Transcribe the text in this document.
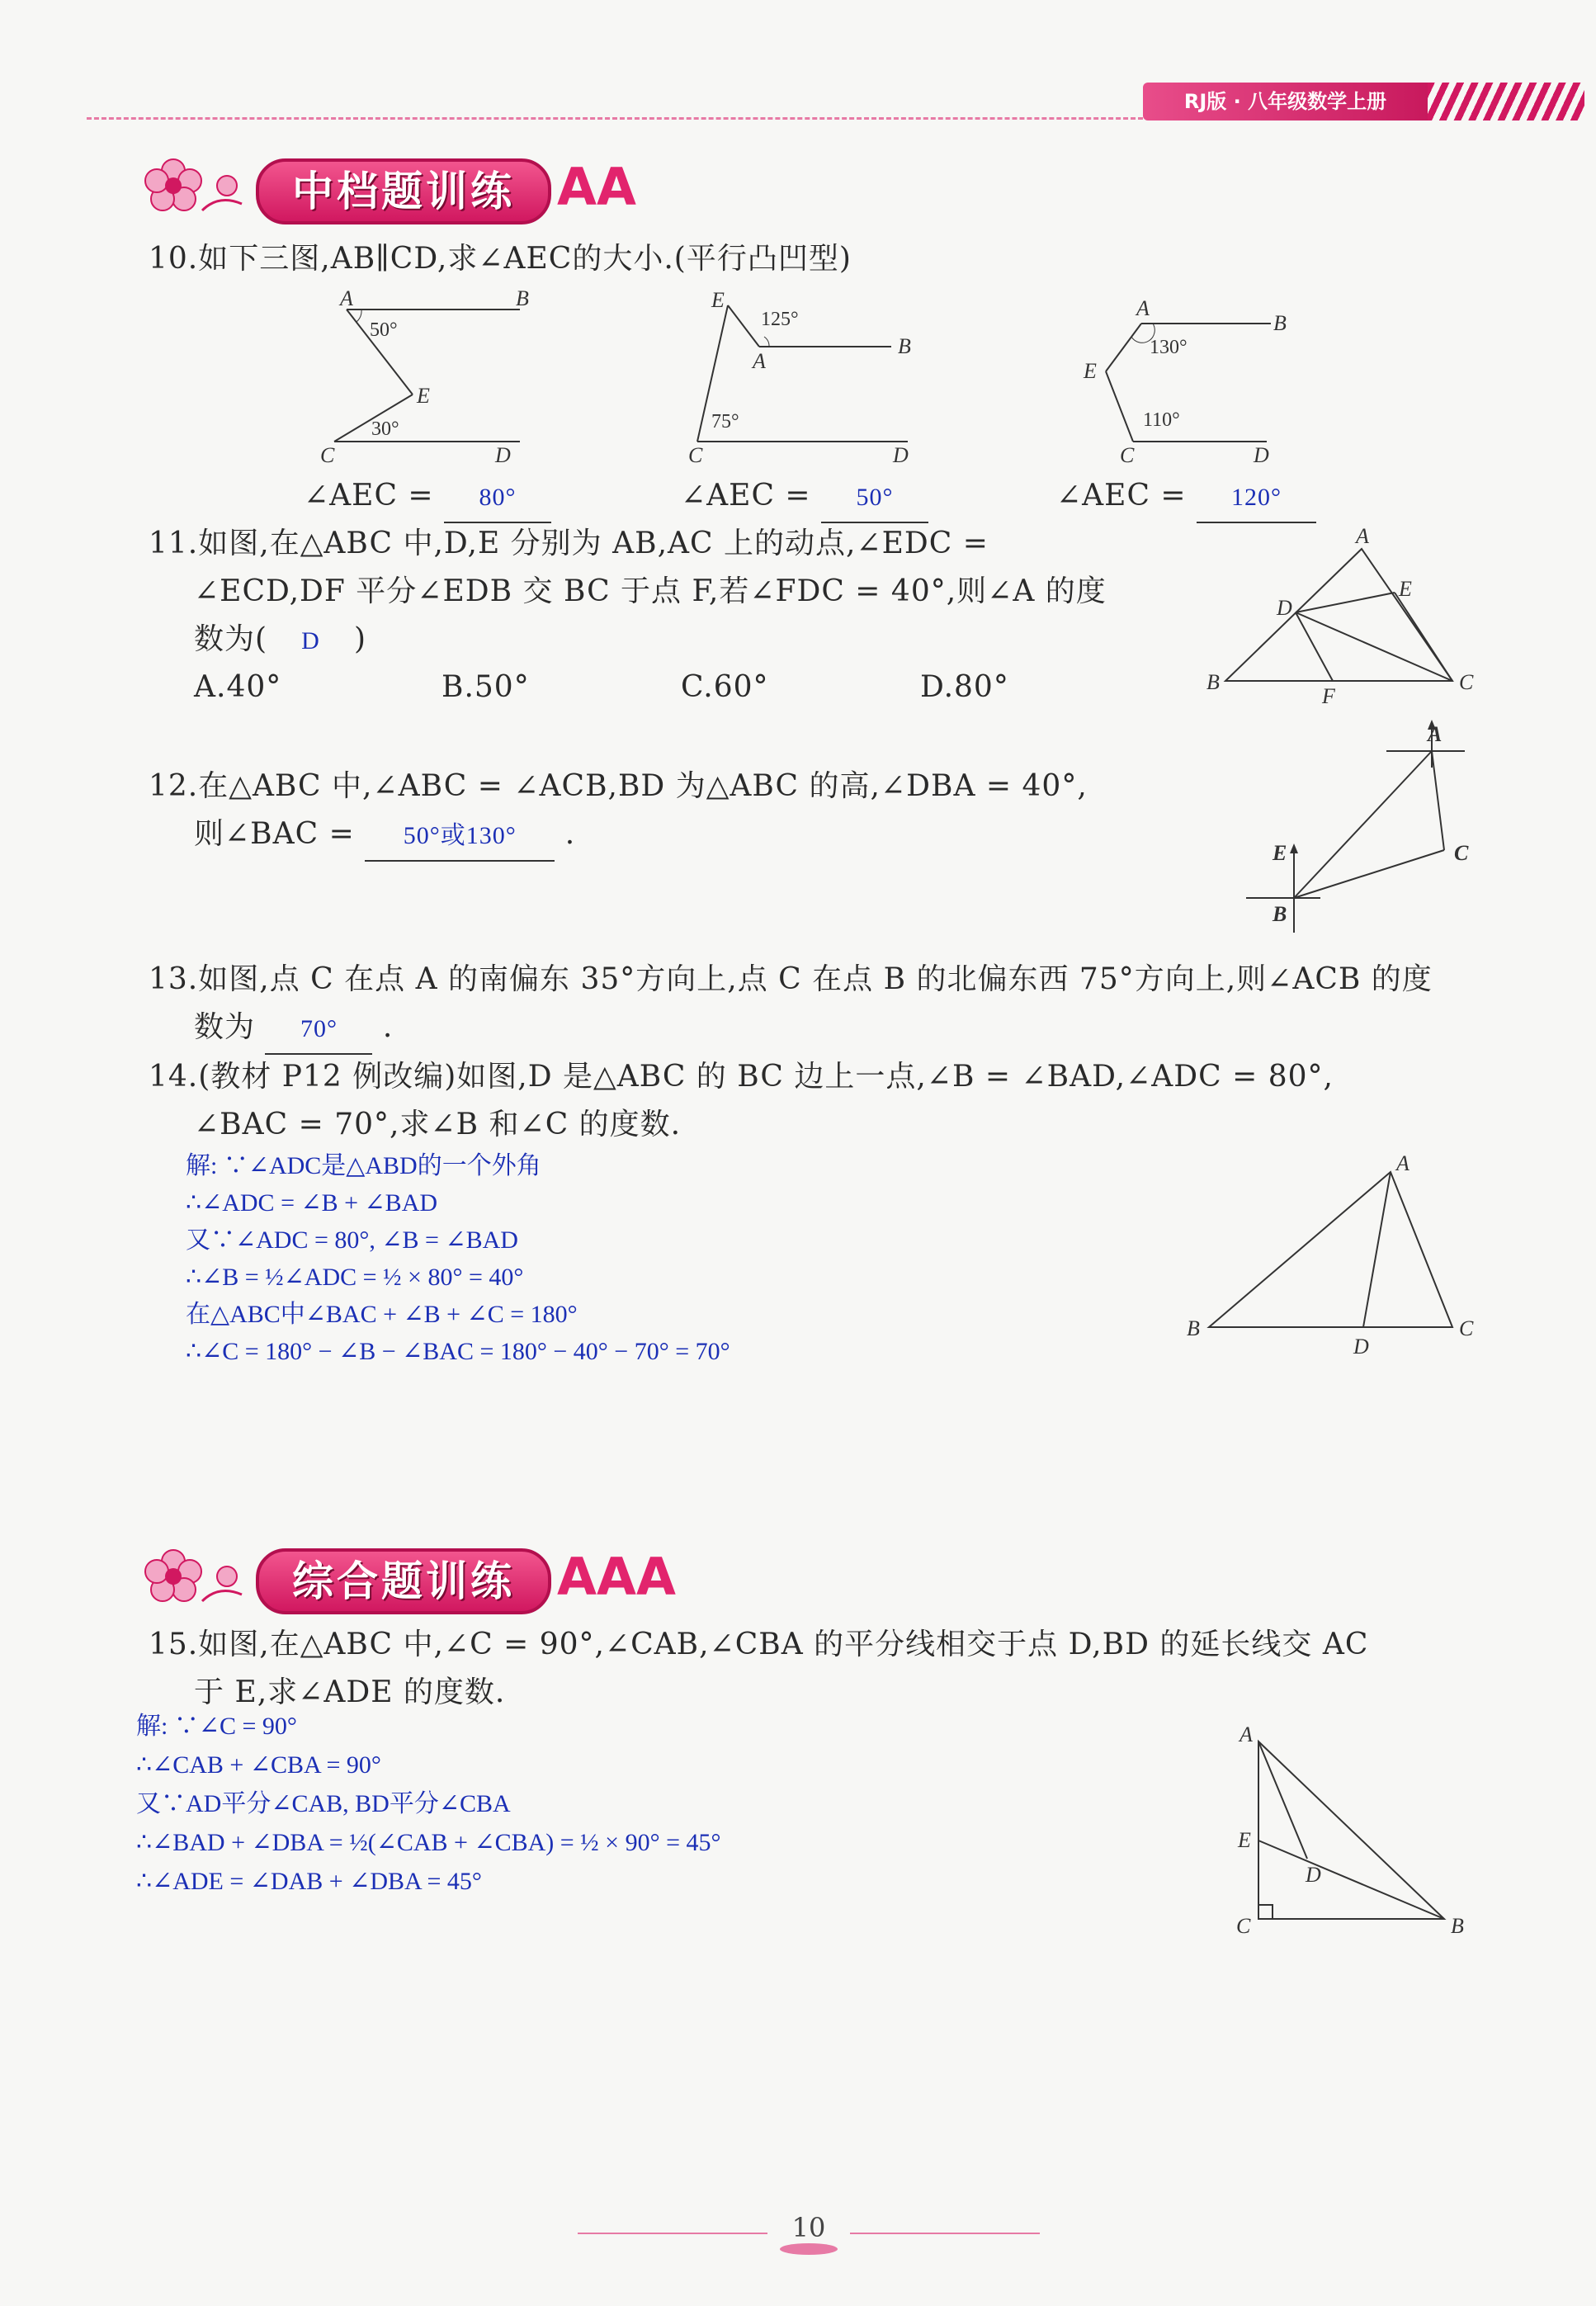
RJ版 · 八年级数学上册
中档题训练 AA
10.如下三图,AB∥CD,求∠AEC的大小.(平行凸凹型)
A	B
E
C	D
50°
30°
E
A
B
C	D
125°
75°
A
B
E
C	D
130°
110°
∠AEC = 80°	∠AEC = 50°	∠AEC = 120°
11.如图,在△ABC 中,D,E 分别为 AB,AC 上的动点,∠EDC =
∠ECD,DF 平分∠EDB 交 BC 于点 F,若∠FDC = 40°,则∠A 的度
数为( D )
A.40°	B.50°	C.60°	D.80°
A
E
D
B	C
F
12.在△ABC 中,∠ABC = ∠ACB,BD 为△ABC 的高,∠DBA = 40°,
则∠BAC = 50°或130° .
A
C
E
B
13.如图,点 C 在点 A 的南偏东 35°方向上,点 C 在点 B 的北偏东西 75°方向上,则∠ACB 的度
数为 70° .
14.(教材 P12 例改编)如图,D 是△ABC 的 BC 边上一点,∠B = ∠BAD,∠ADC = 80°,
∠BAC = 70°,求∠B 和∠C 的度数.
解: ∵∠ADC是△ABD的一个外角
∴∠ADC = ∠B + ∠BAD
又∵∠ADC = 80°, ∠B = ∠BAD
∴∠B = ½∠ADC = ½ × 80° = 40°
在△ABC中∠BAC + ∠B + ∠C = 180°
∴∠C = 180° − ∠B − ∠BAC = 180° − 40° − 70° = 70°
A
B	C
D
综合题训练 AAA
15.如图,在△ABC 中,∠C = 90°,∠CAB,∠CBA 的平分线相交于点 D,BD 的延长线交 AC
于 E,求∠ADE 的度数.
解: ∵∠C = 90°
∴∠CAB + ∠CBA = 90°
又∵AD平分∠CAB, BD平分∠CBA
∴∠BAD + ∠DBA = ½(∠CAB + ∠CBA) = ½ × 90° = 45°
∴∠ADE = ∠DAB + ∠DBA = 45°
A
E
D
C	B
10
